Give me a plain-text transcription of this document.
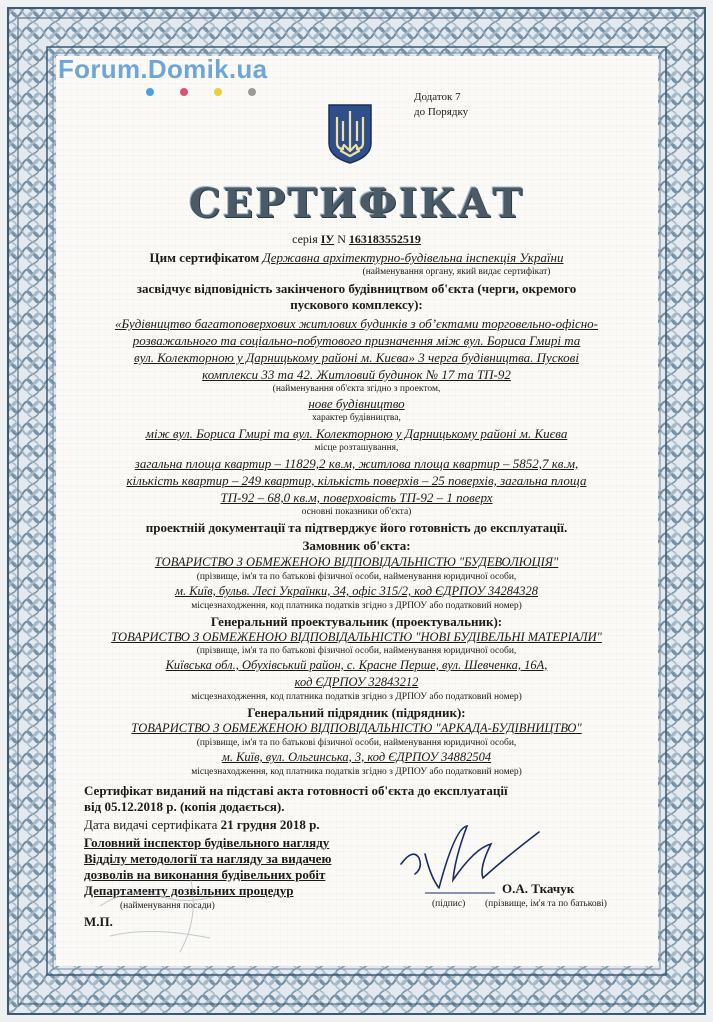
Forum.Domik.ua
Додаток 7
до Порядку
СЕРТИФІКАТ
серія ІУ N 163183552519
Цим сертифікатом Державна архітектурно-будівельна інспекція України
(найменування органу, який видає сертифікат)
засвідчує відповідність закінченого будівництвом об'єкта (черги, окремого
пускового комплексу):
«Будівництво багатоповерхових житлових будинків з об’єктами торговельно-офісно-
розважального та соціально-побутового призначення між вул. Бориса Гмирі та
вул. Колекторною у Дарницькому районі м. Києва» 3 черга будівництва. Пускові
комплекси 33 та 42. Житловий будинок № 17 та ТП-92
(найменування об'єкта згідно з проектом,
нове будівництво
характер будівництва,
між вул. Бориса Гмирі та вул. Колекторною у Дарницькому районі м. Києва
місце розташування,
загальна площа квартир – 11829,2 кв.м, житлова площа квартир – 5852,7 кв.м,
кількість квартир – 249 квартир, кількість поверхів – 25 поверхів, загальна площа
ТП-92 – 68,0 кв.м, поверховість ТП-92 – 1 поверх
основні показники об'єкта)
проектній документації та підтверджує його готовність до експлуатації.
Замовник об'єкта:
ТОВАРИСТВО З ОБМЕЖЕНОЮ ВІДПОВІДАЛЬНІСТЮ "БУДЕВОЛЮЦІЯ"
(прізвище, ім'я та по батькові фізичної особи, найменування юридичної особи,
м. Київ, бульв. Лесі Українки, 34, офіс 315/2, код ЄДРПОУ 34284328
місцезнаходження, код платника податків згідно з ДРПОУ або податковий номер)
Генеральний проектувальник (проектувальник):
ТОВАРИСТВО З ОБМЕЖЕНОЮ ВІДПОВІДАЛЬНІСТЮ "НОВІ БУДІВЕЛЬНІ МАТЕРІАЛИ"
(прізвище, ім'я та по батькові фізичної особи, найменування юридичної особи,
Київська обл., Обухівський район, с. Красне Перше, вул. Шевченка, 16А,
код ЄДРПОУ 32843212
місцезнаходження, код платника податків згідно з ДРПОУ або податковий номер)
Генеральний підрядник (підрядник):
ТОВАРИСТВО З ОБМЕЖЕНОЮ ВІДПОВІДАЛЬНІСТЮ "АРКАДА-БУДІВНИЦТВО"
(прізвище, ім'я та по батькові фізичної особи, найменування юридичної особи,
м. Київ, вул. Ольгинська, 3, код ЄДРПОУ 34882504
місцезнаходження, код платника податків згідно з ДРПОУ або податковий номер)
Сертифікат виданий на підставі акта готовності об'єкта до експлуатації
від 05.12.2018 р. (копія додається).
Дата видачі сертифіката 21 грудня 2018 р.
Головний інспектор будівельного нагляду
Відділу методології та нагляду за видачею
дозволів на виконання будівельних робіт
Департаменту дозвільних процедур
(найменування посади)
О.А. Ткачук
(підпис)	(прізвище, ім'я та по батькові)
М.П.
